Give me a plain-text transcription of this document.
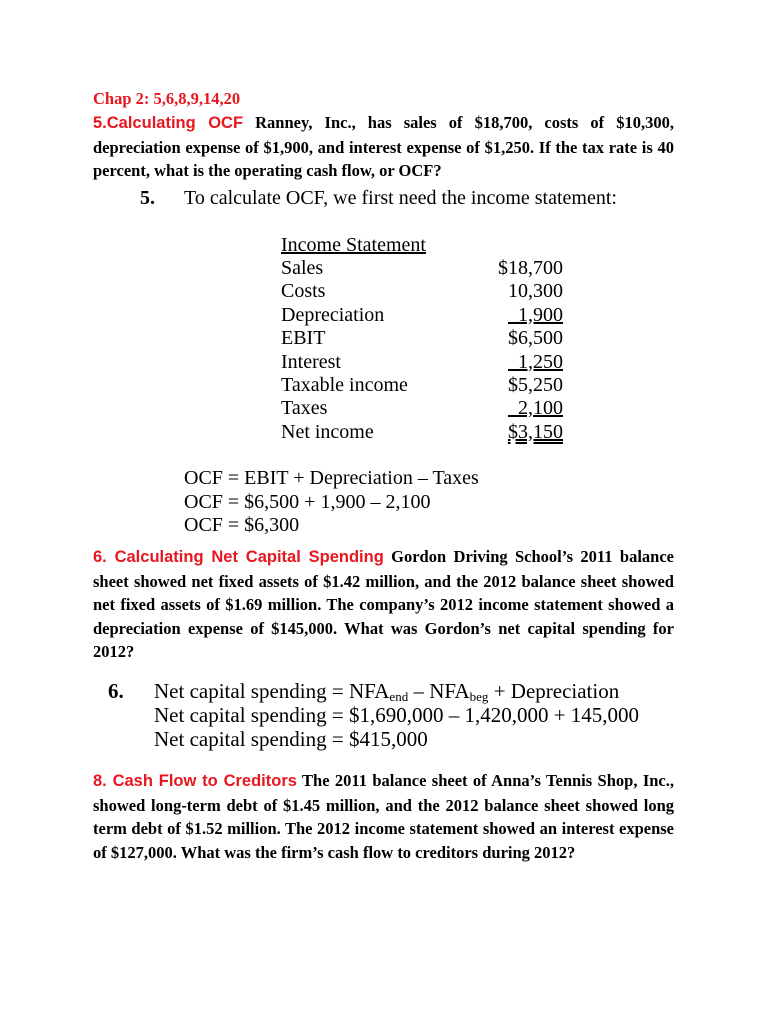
Chap 2: 5,6,8,9,14,20
5.Calculating OCF Ranney, Inc., has sales of $18,700, costs of $10,300, depreciation expense of $1,900, and interest expense of $1,250. If the tax rate is 40 percent, what is the operating cash flow, or OCF?
5. To calculate OCF, we first need the income statement:
Income Statement
Sales	$18,700
Costs	10,300
Depreciation	1,900
EBIT	$6,500
Interest	1,250
Taxable income	$5,250
Taxes	2,100
Net income	$3,150
OCF = EBIT + Depreciation – Taxes
OCF = $6,500 + 1,900 – 2,100
OCF = $6,300
6. Calculating Net Capital Spending Gordon Driving School’s 2011 balance sheet showed net fixed assets of $1.42 million, and the 2012 balance sheet showed net fixed assets of $1.69 million. The company’s 2012 income statement showed a depreciation expense of $145,000. What was Gordon’s net capital spending for 2012?
6. Net capital spending = $NFA_{end} - NFA_{beg}$ + Depreciation
Net capital spending = $1,690,000 – 1,420,000 + 145,000
Net capital spending = $415,000
8. Cash Flow to Creditors The 2011 balance sheet of Anna’s Tennis Shop, Inc., showed long-term debt of $1.45 million, and the 2012 balance sheet showed long term debt of $1.52 million. The 2012 income statement showed an interest expense of $127,000. What was the firm’s cash flow to creditors during 2012?
